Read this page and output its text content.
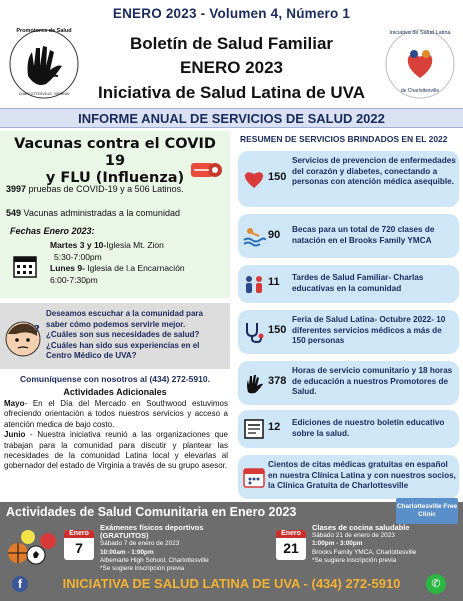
ENERO 2023 - Volumen 4, Número 1
Promotores de Salud
CHARLOTTESVILLE, VIRGINIA
Boletín de Salud Familiar
ENERO 2023
Iniciativa de Salud Latina de UVA
Iniciativa de Salud Latina
de Charlottesville
INFORME ANUAL DE SERVICIOS DE SALUD 2022
Vacunas contra el COVID 19
y FLU (Influenza)
3997 pruebas de COVID-19 y a 506 Latinos.
549 Vacunas administradas a la comunidad
Fechas Enero 2023:
Martes 3 y 10-Iglesia Mt. Zion
5:30-7:00pm
Lunes 9- Iglesia de l.a Encarnación
6:00-7:30pm
?
Deseamos escuchar a la comunidad para saber cómo podemos servirle mejor.
¿Cuáles son sus necesidades de salud?
¿Cuáles han sido sus experiencias en el Centro Médico de UVA?
Comuníquense con nosotros al (434) 272-5910.
Actividades Adicionales
Mayo- En el Día del Mercado en Southwood estuvimos ofreciendo orientación a todos nuestros servicios y acceso a atención medica de bajo costo.
Junio - Nuestra iniciativa reunió a las organizaciones que trabajan para la comunidad para discutir y plantear las necesidades de la comunidad Latina local y elevarlas al gobernador del estado de Virginia a través de su grupo asesor.
RESUMEN DE SERVICIOS BRINDADOS EN EL 2022
150
Servicios de prevencion de enfermedades del corazón y diabetes, conectando a personas con atención médica asequible.
90 Becas para un total de 720 clases de natación en el Brooks Family YMCA
11 Tardes de Salud Familiar- Charlas educativas en la comunidad
150
Feria de Salud Latina- Octubre 2022- 10 diferentes servicios médicos a más de 150 personas
378
Horas de servicio comunitario y 18 horas de educación a nuestros Promotores de Salud.
12 Ediciones de nuestro boletín educativo sobre la salud.
Cientos de citas médicas gratuitas en español en nuestra Clínica Latina y con nuestros socios, la Clínica Gratuita de Charlottesville
Actividades de Salud Comunitaria en Enero 2023	Charlottesville Free Clinic
Enero
7
Exámenes físicos deportivos (GRATUITOS)
Sábado 7 de enero de 2023
10:00am - 1:00pm
Albemarle High School, Charlottesville
*Se sugiere inscripción previa
Enero
21
Clases de cocina saludable
Sábado 21 de enero de 2023
1:00pm - 3:00pm
Brooks Family YMCA, Charlottesville
*Se sugiere inscripción previa
f	INICIATIVA DE SALUD LATINA DE UVA - (434) 272-5910	✆
